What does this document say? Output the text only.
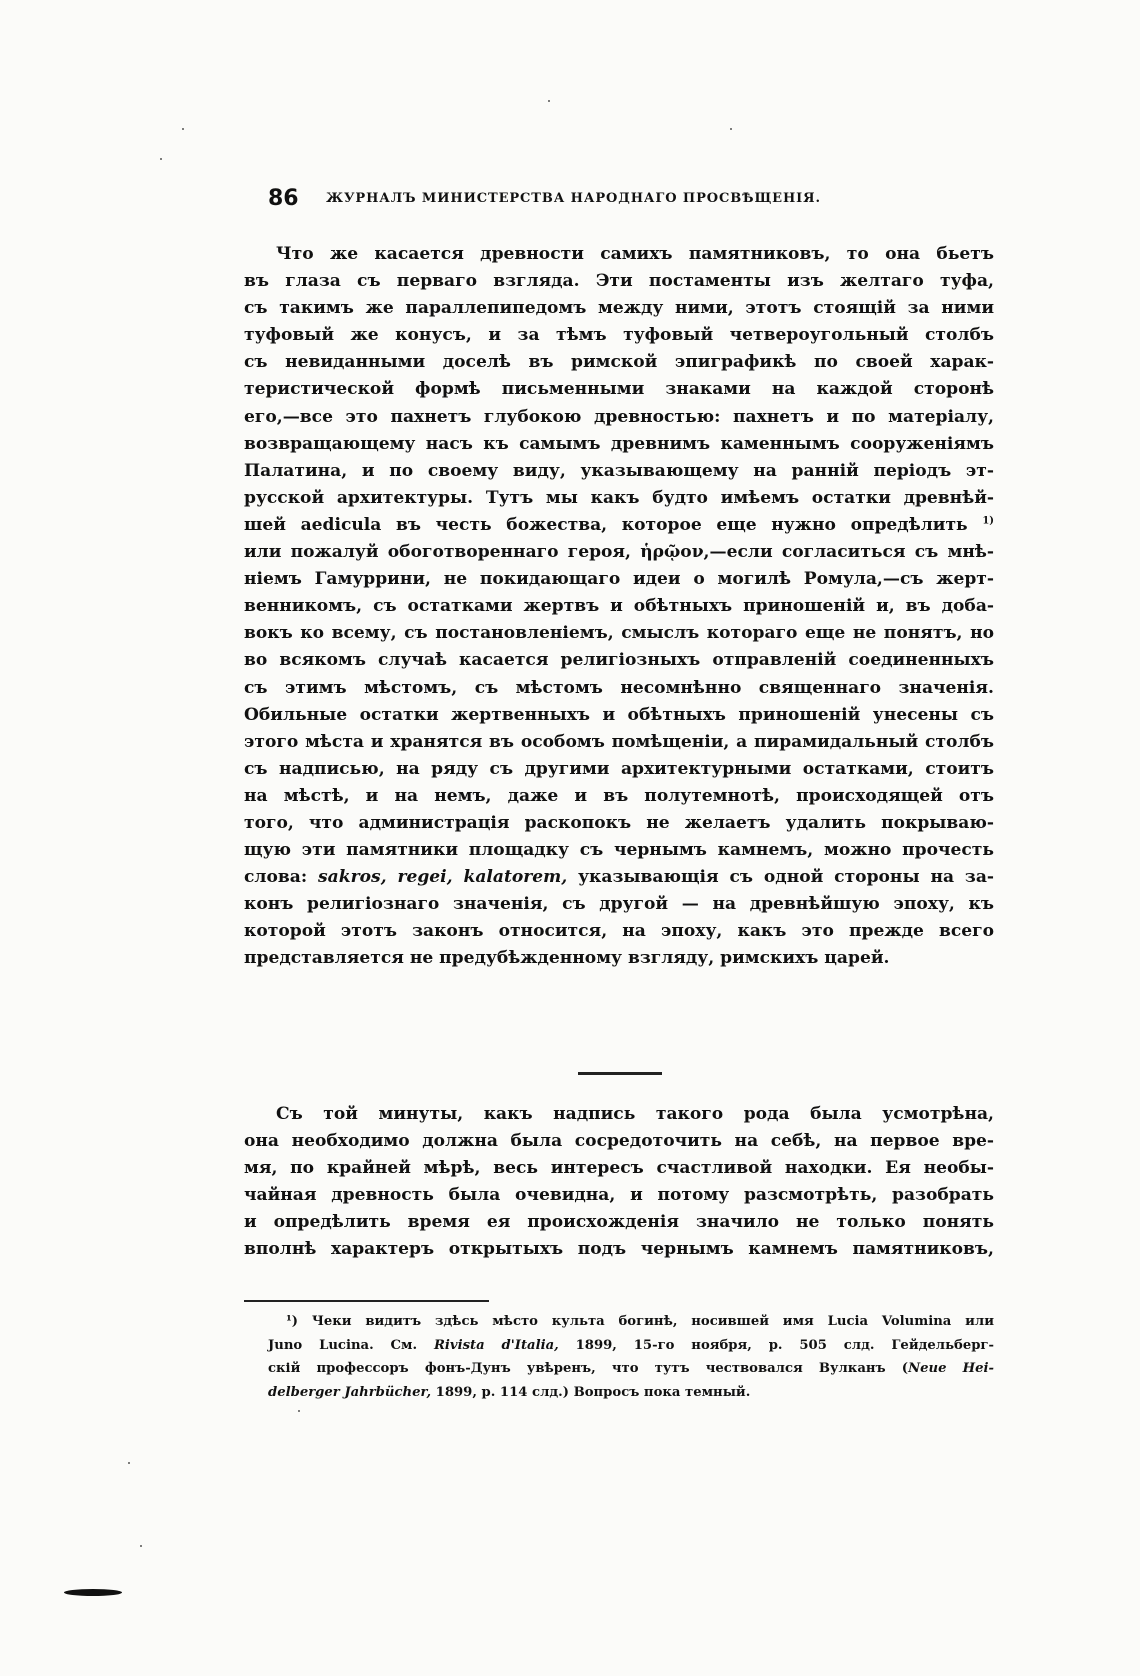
86 ЖУРНАЛЪ МИНИСТЕРСТВА НАРОДНАГО ПРОСВѢЩЕНІЯ.
Что же касается древности самихъ памятниковъ, то она бьетъ
въ глаза съ перваго взгляда. Эти постаменты изъ желтаго туфа,
съ такимъ же параллепипедомъ между ними, этотъ стоящій за ними
туфовый же конусъ, и за тѣмъ туфовый четвероугольный столбъ
съ невиданными доселѣ въ римской эпиграфикѣ по своей харак-
теристической формѣ письменными знаками на каждой сторонѣ
его,—все это пахнетъ глубокою древностью: пахнетъ и по матеріалу,
возвращающему насъ къ самымъ древнимъ каменнымъ сооруженіямъ
Палатина, и по своему виду, указывающему на ранній періодъ эт-
русской архитектуры. Тутъ мы какъ будто имѣемъ остатки древнѣй-
шей aedicula въ честь божества, которое еще нужно опредѣлить $^{1)}$
или пожалуй обоготвореннаго героя, ἡρῷον,—если согласиться съ мнѣ-
ніемъ Гамуррини, не покидающаго идеи о могилѣ Ромула,—съ жерт-
венникомъ, съ остатками жертвъ и обѣтныхъ приношеній и, въ доба-
вокъ ко всему, съ постановленіемъ, смыслъ котораго еще не понятъ, но
во всякомъ случаѣ касается религіозныхъ отправленій соединенныхъ
съ этимъ мѣстомъ, съ мѣстомъ несомнѣнно священнаго значенія.
Обильные остатки жертвенныхъ и обѣтныхъ приношеній унесены съ
этого мѣста и хранятся въ особомъ помѣщеніи, а пирамидальный столбъ
съ надписью, на ряду съ другими архитектурными остатками, стоитъ
на мѣстѣ, и на немъ, даже и въ полутемнотѣ, происходящей отъ
того, что администрація раскопокъ не желаетъ удалить покрываю-
щую эти памятники площадку съ чернымъ камнемъ, можно прочесть
слова: sakros, regei, kalatorem, указывающія съ одной стороны на за-
конъ религіознаго значенія, съ другой — на древнѣйшую эпоху, къ
которой этотъ законъ относится, на эпоху, какъ это прежде всего
представляется не предубѣжденному взгляду, римскихъ царей.
Съ той минуты, какъ надпись такого рода была усмотрѣна,
она необходимо должна была сосредоточить на себѣ, на первое вре-
мя, по крайней мѣрѣ, весь интересъ счастливой находки. Ея необы-
чайная древность была очевидна, и потому разсмотрѣть, разобрать
и опредѣлить время ея происхожденія значило не только понять
вполнѣ характеръ открытыхъ подъ чернымъ камнемъ памятниковъ,
¹) Чеки видитъ здѣсь мѣсто культа богинѣ, носившей имя Lucia Volumina или
Juno Lucina. См. Rivista d'Italia, 1899, 15-го ноября, р. 505 слд. Гейдельберг-
скій профессоръ фонъ-Дунъ увѣренъ, что тутъ чествовался Вулканъ (Neue Hei-
delberger Jahrbücher, 1899, р. 114 слд.) Вопросъ пока темный.
